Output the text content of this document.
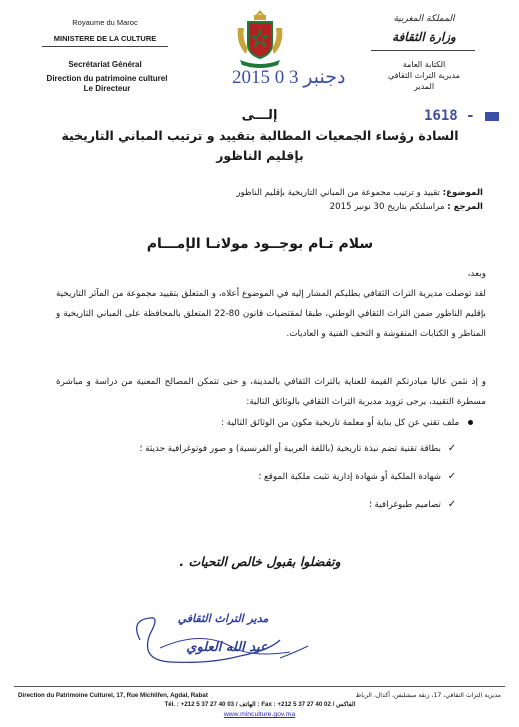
Royaume du Maroc
MINISTERE DE LA CULTURE
Secrétariat Général
Direction du patrimoine culturel
Le Directeur
المملكة المغربية
وزارة الثقافة
الكتابة العامة
مديرية التراث الثقافي
المدير
2015 دجنبر 3 0
1618 -
إلـــى
السادة رؤساء الجمعيات المطالبة بتقييد و ترتيب المباني التاريخية
بإقليم الناظور
الموضوع: تقييد و ترتيب مجموعة من المباني التاريخية بإقليم الناظور
المرجع : مراسلتكم بتاريخ 30 نونبر 2015
سلام تـام بوجــود مولانـا الإمـــام
وبعد،
لقد توصلت مديرية التراث الثقافي بطلبكم المشار إليه في الموضوع أعلاه، و المتعلق بتقييد مجموعة من المآثر التاريخية بإقليم الناظور ضمن التراث الثقافي الوطني، طبقا لمقتضيات قانون 80-22 المتعلق بالمحافظة على المباني التاريخية و المناظر و الكتابات المنقوشة و التحف الفنية و العاديات.
و إذ نثمن عاليا مبادرتكم القيمة للعناية بالتراث الثقافي بالمدينة، و حتى تتمكن المصالح المعنية من دراسة و مباشرة مسطرة التقييد، يرجى تزويد مديرية التراث الثقافي بالوثائق التالية:
ملف تقني عن كل بناية أو معلمة تاريخية مكون من الوثائق التالية :
✓
بطاقة تقنية تضم نبذة تاريخية (باللغة العربية أو الفرنسية) و صور فوتوغرافية حديثة ؛
✓
شهادة الملكية أو شهادة إدارية تثبت ملكية الموقع ؛
✓
تصاميم طبوغرافية ؛
وتفضلوا بقبول خالص التحيات .
مدير التراث الثقافي
عبد الله العلوي
Direction du Patrimoine Culturel, 17, Rue Michlifen, Agdal, Rabat	مديرية التراث الثقافي، 17، زنقة ميشليفن، أكدال، الرباط
Tél. : +212 5 37 27 40 03 / الهاتف : Fax : +212 5 37 27 40 02 / الفاكس
www.minculture.gov.ma
